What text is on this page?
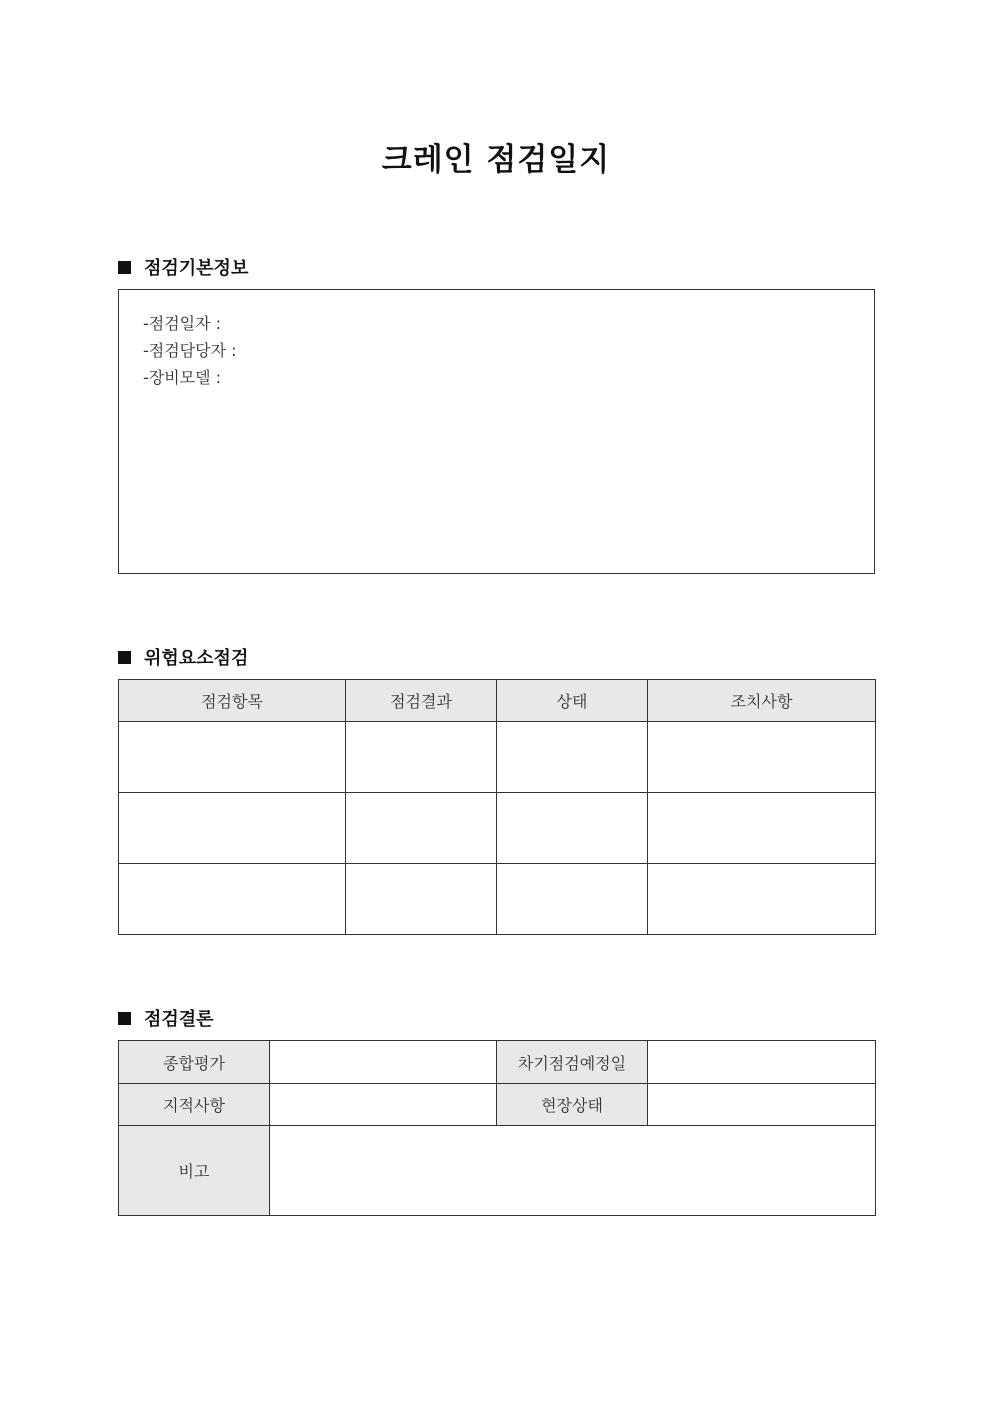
크레인 점검일지
점검기본정보
-점검일자 :
-점검담당자 :
-장비모델 :
위험요소점검
점검항목	점검결과	상태	조치사항

점검결론
종합평가		차기점검예정일	
지적사항		현장상태	
비고			
